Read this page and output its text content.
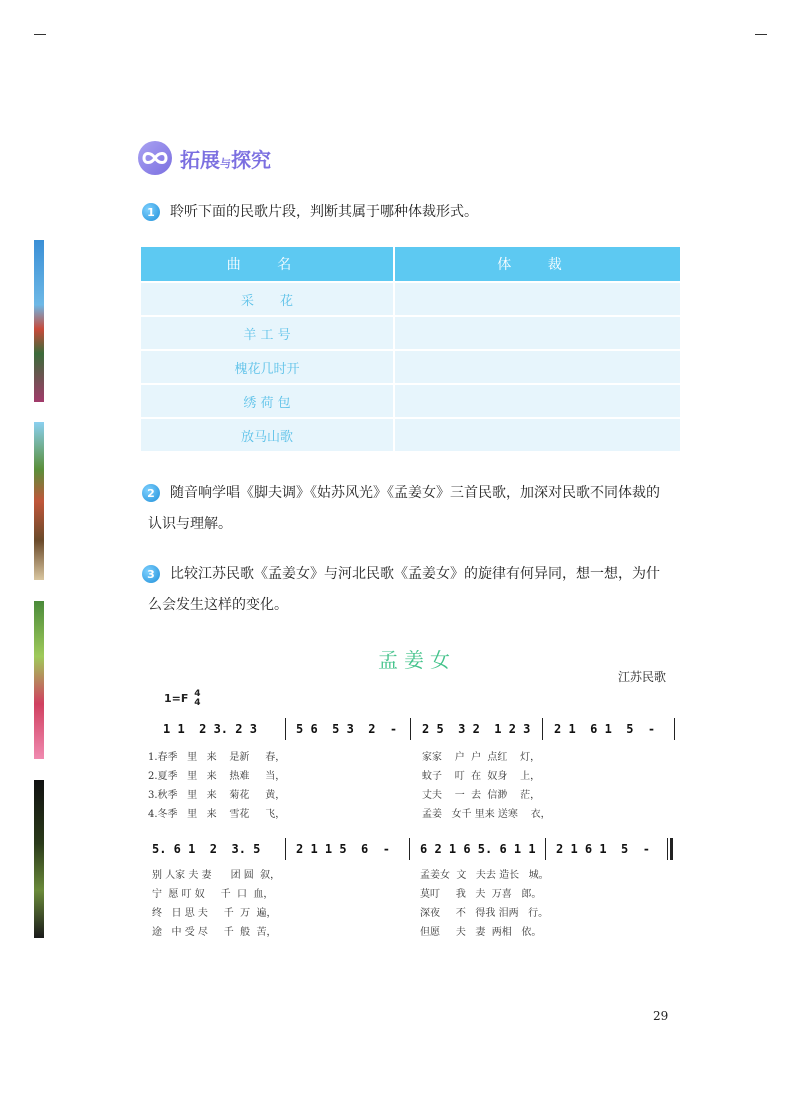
拓展与探究
1	聆听下面的民歌片段，判断其属于哪种体裁形式。
曲 名	体 裁
采　　花	
羊 工 号	
槐花几时开	
绣 荷 包	
放马山歌	
2	随音响学唱《脚夫调》《姑苏风光》《孟姜女》三首民歌，加深对民歌不同体裁的
认识与理解。
3	比较江苏民歌《孟姜女》与河北民歌《孟姜女》的旋律有何异同，想一想，为什
么会发生这样的变化。
孟姜女
江苏民歌
1=F 4
4
1 1  2 3. 2 3	5 6  5 3  2  - 2 5  3 2  1 2 3 2 1  6 1  5  -
1.春季   里   来    是新     春，
2.夏季   里   来    热难     当，
3.秋季   里   来    菊花     黄，
4.冬季   里   来    雪花     飞，
家家    户  户  点红    灯，
蚊子    叮  在  奴身    上，
丈夫    一  去  信渺    茫，
孟姜   女千 里来 送寒    衣，
5. 6 1  2  3. 5	2 1 1 5  6  -	6 2 1 6 5. 6 1 1 2 1 6 1  5  -
别 人家 夫 妻      团 圆  叙，
宁  愿 叮 奴     千  口  血，
终   日 思 夫     千  万  遍，
途   中 受 尽     千  般  苦，
孟姜女  文   夫去 造长   城。
莫叮     我   夫  万喜   郎。
深夜     不   得我 泪两   行。
但愿     夫   妻  两相   依。
29
